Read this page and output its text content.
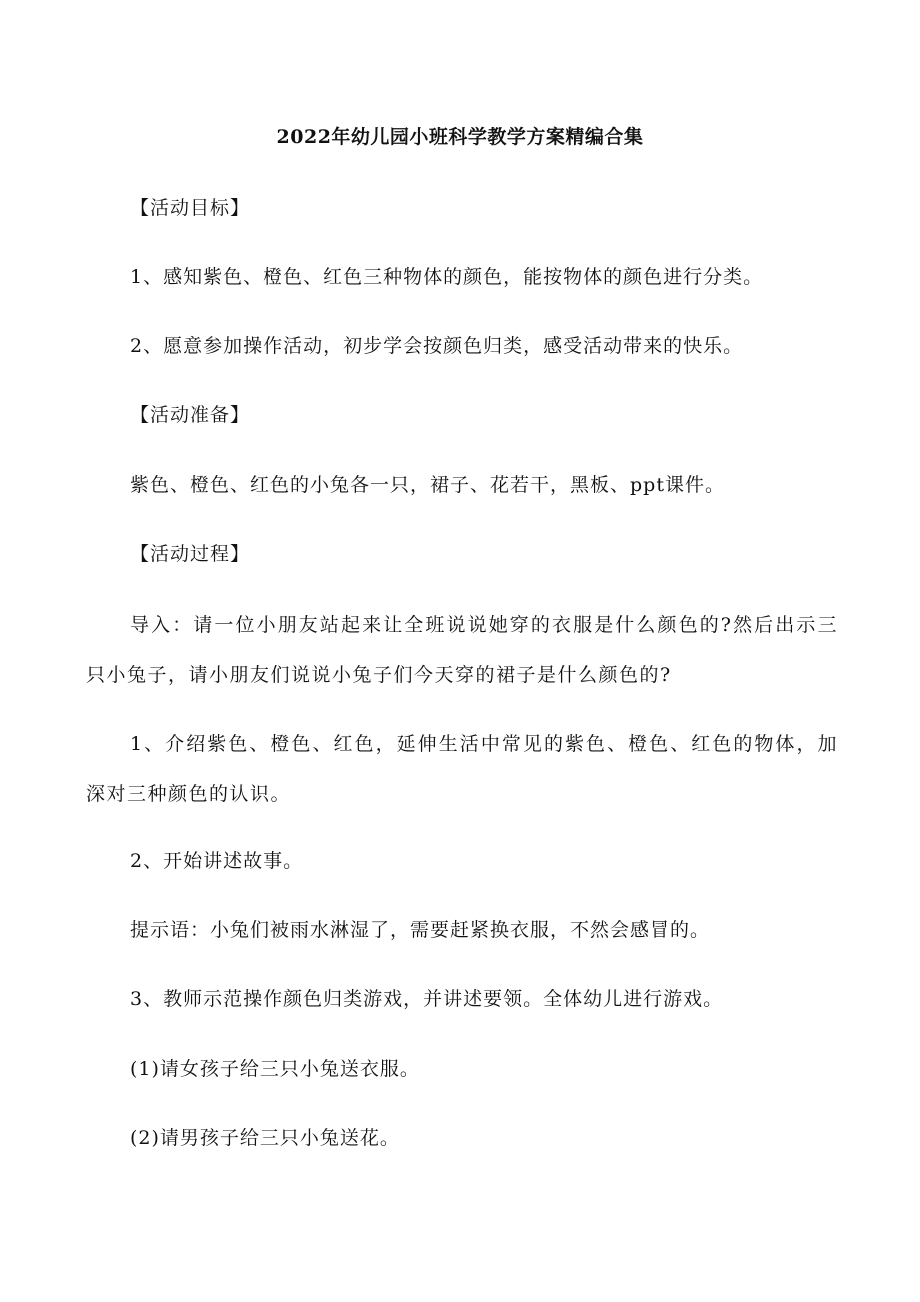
2022年幼儿园小班科学教学方案精编合集
【活动目标】
1、感知紫色、橙色、红色三种物体的颜色，能按物体的颜色进行分类。
2、愿意参加操作活动，初步学会按颜色归类，感受活动带来的快乐。
【活动准备】
紫色、橙色、红色的小兔各一只，裙子、花若干，黑板、ppt课件。
【活动过程】
导入：请一位小朋友站起来让全班说说她穿的衣服是什么颜色的?然后出示三只小兔子，请小朋友们说说小兔子们今天穿的裙子是什么颜色的?
1、介绍紫色、橙色、红色，延伸生活中常见的紫色、橙色、红色的物体，加深对三种颜色的认识。
2、开始讲述故事。
提示语：小兔们被雨水淋湿了，需要赶紧换衣服，不然会感冒的。
3、教师示范操作颜色归类游戏，并讲述要领。全体幼儿进行游戏。
(1)请女孩子给三只小兔送衣服。
(2)请男孩子给三只小兔送花。
